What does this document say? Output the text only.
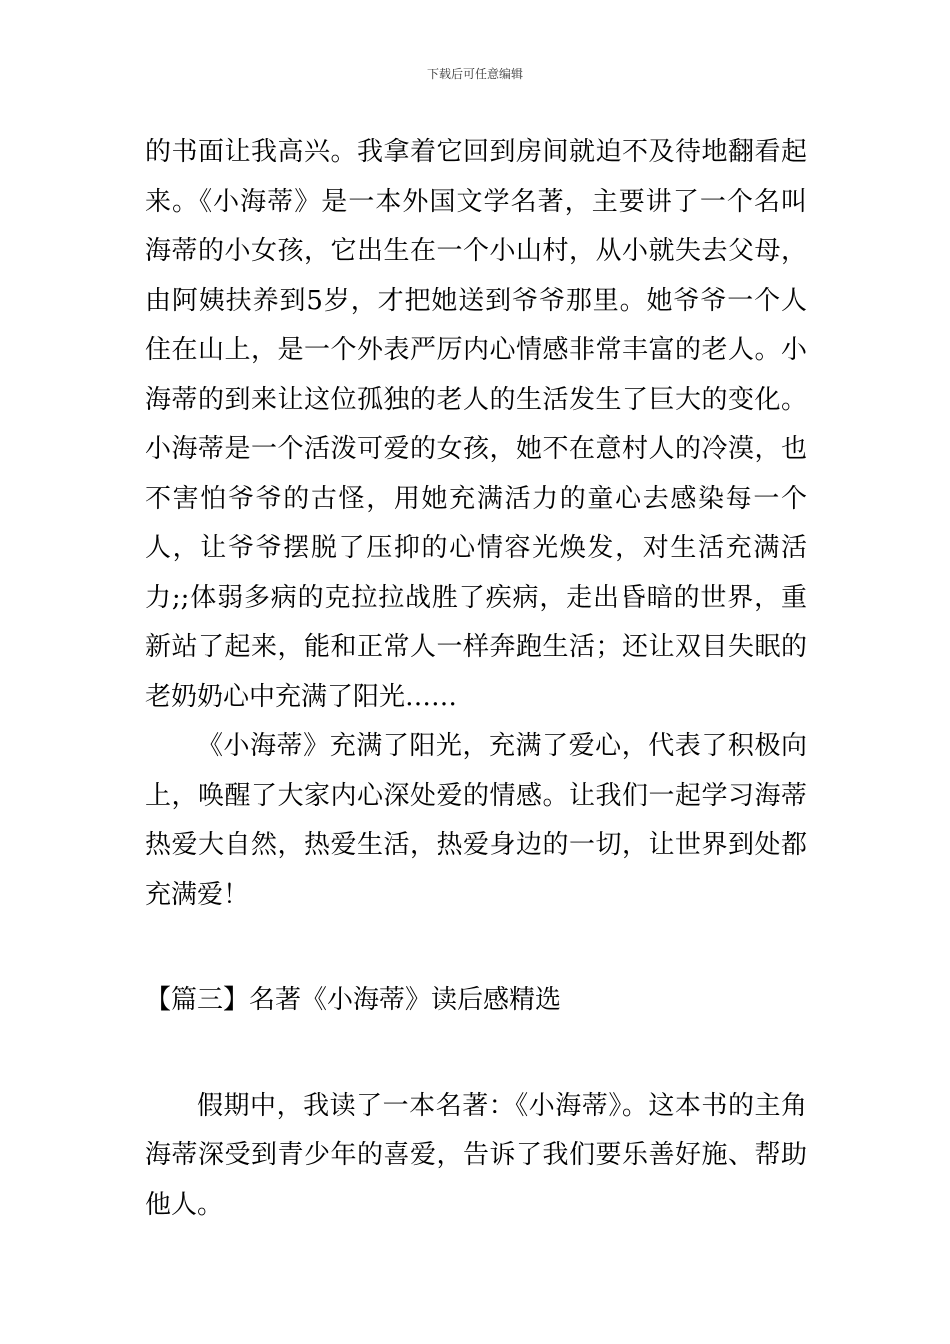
下载后可任意编辑

的书面让我高兴。我拿着它回到房间就迫不及待地翻看起来。《小海蒂》是一本外国文学名著，主要讲了一个名叫海蒂的小女孩，它出生在一个小山村，从小就失去父母，由阿姨扶养到5岁，才把她送到爷爷那里。她爷爷一个人住在山上，是一个外表严厉内心情感非常丰富的老人。小海蒂的到来让这位孤独的老人的生活发生了巨大的变化。小海蒂是一个活泼可爱的女孩，她不在意村人的冷漠，也不害怕爷爷的古怪，用她充满活力的童心去感染每一个人，让爷爷摆脱了压抑的心情容光焕发，对生活充满活力;;体弱多病的克拉拉战胜了疾病，走出昏暗的世界，重新站了起来，能和正常人一样奔跑生活；还让双目失眠的老奶奶心中充满了阳光……

《小海蒂》充满了阳光，充满了爱心，代表了积极向上，唤醒了大家内心深处爱的情感。让我们一起学习海蒂热爱大自然，热爱生活，热爱身边的一切，让世界到处都充满爱！

【篇三】名著《小海蒂》读后感精选

假期中，我读了一本名著：《小海蒂》。这本书的主角海蒂深受到青少年的喜爱，告诉了我们要乐善好施、帮助他人。
